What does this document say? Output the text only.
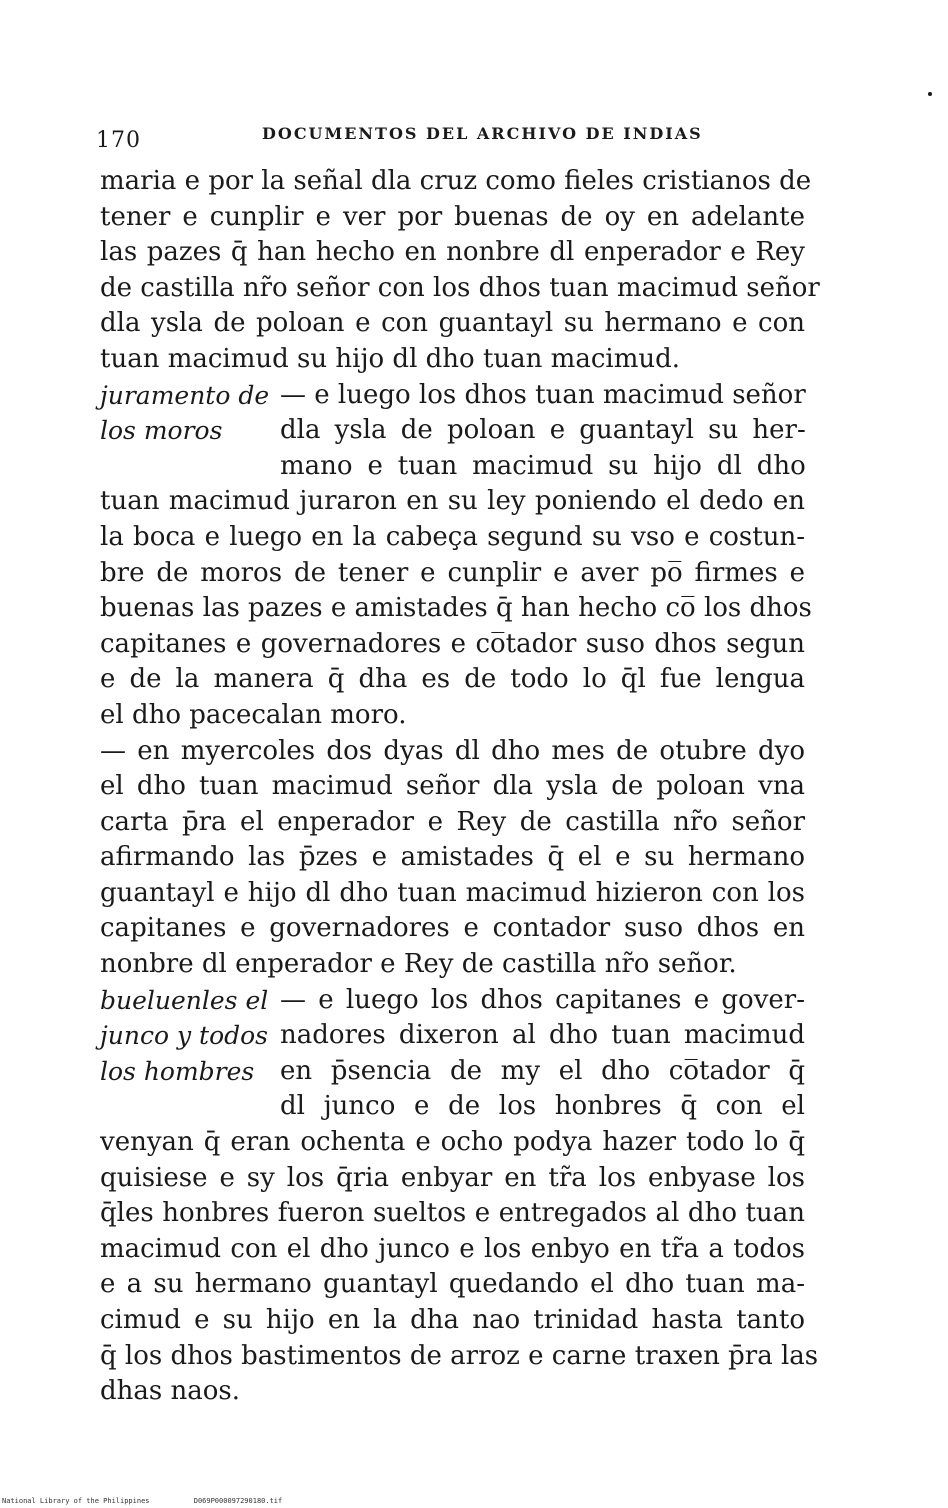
170	DOCUMENTOS DEL ARCHIVO DE INDIAS
maria e por la señal dla cruz como fieles cristianos de
tener e cunplir e ver por buenas de oy en adelante
las pazes q̄ han hecho en nonbre dl enperador e Rey
de castilla nr̃o señor con los dhos tuan macimud señor
dla ysla de poloan e con guantayl su hermano e con
tuan macimud su hijo dl dho tuan macimud.
juramento de
los moros
— e luego los dhos tuan macimud señor
dla ysla de poloan e guantayl su her-
mano e tuan macimud su hijo dl dho
tuan macimud juraron en su ley poniendo el dedo en
la boca e luego en la cabeça segund su vso e costun-
bre de moros de tener e cunplir e aver po̅ firmes e
buenas las pazes e amistades q̄ han hecho co̅ los dhos
capitanes e governadores e co̅tador suso dhos segun
e de la manera q̄ dha es de todo lo q̄l fue lengua
el dho pacecalan moro.
— en myercoles dos dyas dl dho mes de otubre dyo
el dho tuan macimud señor dla ysla de poloan vna
carta p̄ra el enperador e Rey de castilla nr̃o señor
afirmando las p̄zes e amistades q̄ el e su hermano
guantayl e hijo dl dho tuan macimud hizieron con los
capitanes e governadores e contador suso dhos en
nonbre dl enperador e Rey de castilla nr̃o señor.
bueluenles el
junco y todos
los hombres
— e luego los dhos capitanes e gover-
nadores dixeron al dho tuan macimud
en p̄sencia de my el dho co̅tador q̄
dl junco e de los honbres q̄ con el
venyan q̄ eran ochenta e ocho podya hazer todo lo q̄
quisiese e sy los q̄ria enbyar en tr̃a los enbyase los
q̄les honbres fueron sueltos e entregados al dho tuan
macimud con el dho junco e los enbyo en tr̃a a todos
e a su hermano guantayl quedando el dho tuan ma-
cimud e su hijo en la dha nao trinidad hasta tanto
q̄ los dhos bastimentos de arroz e carne traxen p̄ra las
dhas naos.
National Library of the Philippines	D069P000097290180.tif
